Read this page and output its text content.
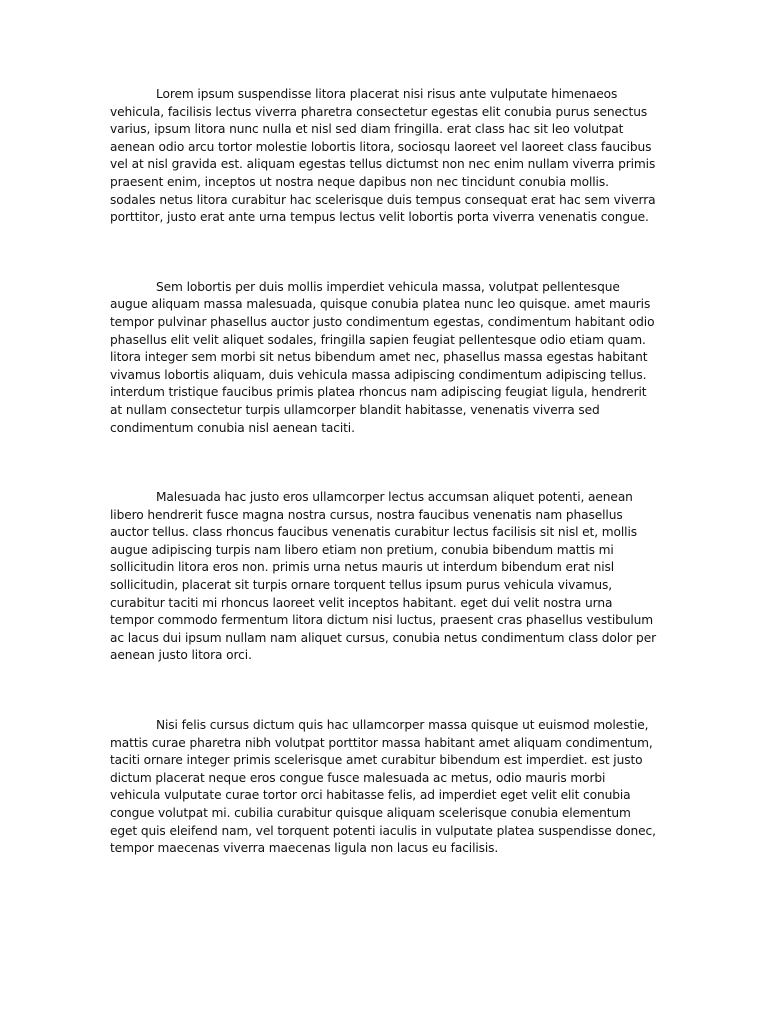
Lorem ipsum suspendisse litora placerat nisi risus ante vulputate himenaeos vehicula, facilisis lectus viverra pharetra consectetur egestas elit conubia purus senectus varius, ipsum litora nunc nulla et nisl sed diam fringilla. erat class hac sit leo volutpat aenean odio arcu tortor molestie lobortis litora, sociosqu laoreet vel laoreet class faucibus vel at nisl gravida est. aliquam egestas tellus dictumst non nec enim nullam viverra primis praesent enim, inceptos ut nostra neque dapibus non nec tincidunt conubia mollis. sodales netus litora curabitur hac scelerisque duis tempus consequat erat hac sem viverra porttitor, justo erat ante urna tempus lectus velit lobortis porta viverra venenatis congue.

Sem lobortis per duis mollis imperdiet vehicula massa, volutpat pellentesque augue aliquam massa malesuada, quisque conubia platea nunc leo quisque. amet mauris tempor pulvinar phasellus auctor justo condimentum egestas, condimentum habitant odio phasellus elit velit aliquet sodales, fringilla sapien feugiat pellentesque odio etiam quam. litora integer sem morbi sit netus bibendum amet nec, phasellus massa egestas habitant vivamus lobortis aliquam, duis vehicula massa adipiscing condimentum adipiscing tellus. interdum tristique faucibus primis platea rhoncus nam adipiscing feugiat ligula, hendrerit at nullam consectetur turpis ullamcorper blandit habitasse, venenatis viverra sed condimentum conubia nisl aenean taciti.

Malesuada hac justo eros ullamcorper lectus accumsan aliquet potenti, aenean libero hendrerit fusce magna nostra cursus, nostra faucibus venenatis nam phasellus auctor tellus. class rhoncus faucibus venenatis curabitur lectus facilisis sit nisl et, mollis augue adipiscing turpis nam libero etiam non pretium, conubia bibendum mattis mi sollicitudin litora eros non. primis urna netus mauris ut interdum bibendum erat nisl sollicitudin, placerat sit turpis ornare torquent tellus ipsum purus vehicula vivamus, curabitur taciti mi rhoncus laoreet velit inceptos habitant. eget dui velit nostra urna tempor commodo fermentum litora dictum nisi luctus, praesent cras phasellus vestibulum ac lacus dui ipsum nullam nam aliquet cursus, conubia netus condimentum class dolor per aenean justo litora orci.

Nisi felis cursus dictum quis hac ullamcorper massa quisque ut euismod molestie, mattis curae pharetra nibh volutpat porttitor massa habitant amet aliquam condimentum, taciti ornare integer primis scelerisque amet curabitur bibendum est imperdiet. est justo dictum placerat neque eros congue fusce malesuada ac metus, odio mauris morbi vehicula vulputate curae tortor orci habitasse felis, ad imperdiet eget velit elit conubia congue volutpat mi. cubilia curabitur quisque aliquam scelerisque conubia elementum eget quis eleifend nam, vel torquent potenti iaculis in vulputate platea suspendisse donec, tempor maecenas viverra maecenas ligula non lacus eu facilisis.
